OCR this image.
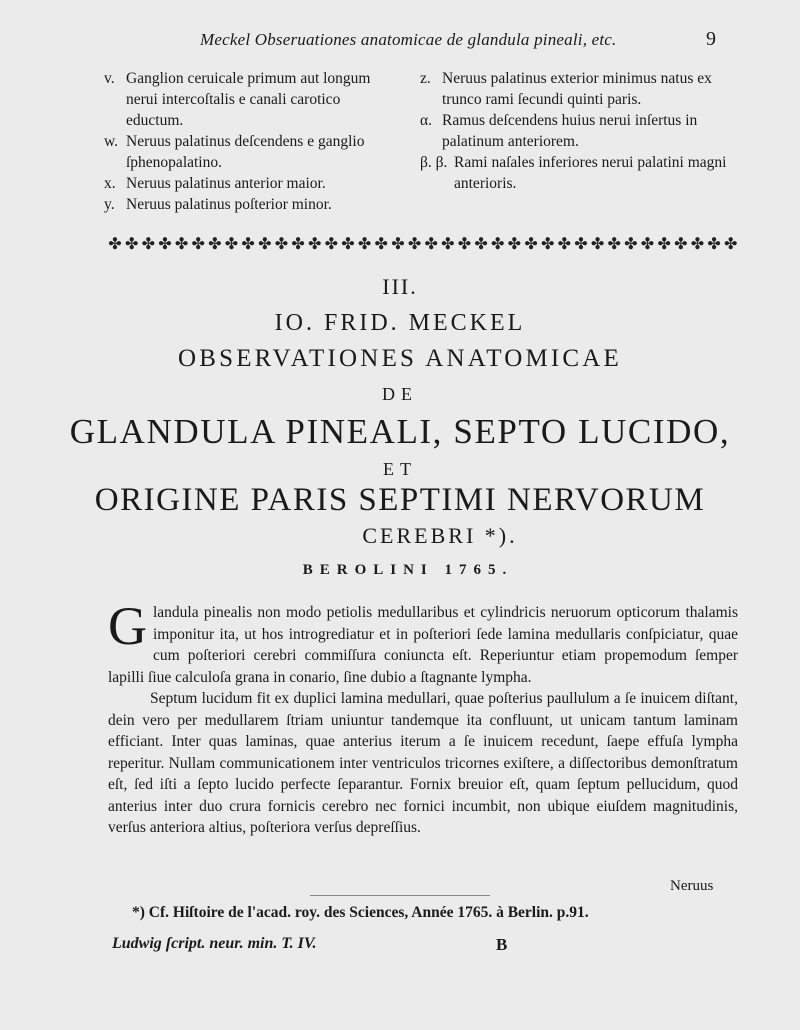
Meckel Obseruationes anatomicae de glandula pineali, etc.	9
v. Ganglion ceruicale primum aut longum nerui intercoſtalis e canali carotico eductum.
w. Neruus palatinus deſcendens e ganglio ſphenopalatino.
x. Neruus palatinus anterior maior.
y. Neruus palatinus poſterior minor.
z. Neruus palatinus exterior minimus natus ex trunco rami ſecundi quinti paris.
α. Ramus deſcendens huius nerui inſertus in palatinum anteriorem.
β. β. Rami naſales inferiores nerui palatini magni anterioris.
✤ ✤ ✤ ✤ ✤ ✤ ✤ ✤ ✤ ✤ ✤ ✤ ✤ ✤ ✤ ✤ ✤ ✤ ✤ ✤ ✤ ✤ ✤ ✤ ✤ ✤ ✤ ✤ ✤ ✤ ✤ ✤ ✤ ✤ ✤ ✤ ✤ ✤
III.
IO. FRID. MECKEL
OBSERVATIONES ANATOMICAE
DE
GLANDULA PINEALI, SEPTO LUCIDO,
ET
ORIGINE PARIS SEPTIMI NERVORUM
CEREBRI *).
BEROLINI 1765.

Glandula pinealis non modo petiolis medullaribus et cylindricis neruorum opticorum thalamis imponitur ita, ut hos introgrediatur et in poſteriori ſede lamina medullaris conſpiciatur, quae cum poſteriori cerebri commiſſura coniuncta eſt. Reperiuntur etiam propemodum ſemper lapilli ſiue calculoſa grana in conario, ſine dubio a ſtagnante lympha.

Septum lucidum fit ex duplici lamina medullari, quae poſterius paullulum a ſe inuicem diſtant, dein vero per medullarem ſtriam uniuntur tandemque ita confluunt, ut unicam tantum laminam efficiant. Inter quas laminas, quae anterius iterum a ſe inuicem recedunt, ſaepe effuſa lympha reperitur. Nullam communicationem inter ventriculos tricornes exiſtere, a diſſectoribus demonſtratum eſt, ſed iſti a ſepto lucido perfecte ſeparantur. Fornix breuior eſt, quam ſeptum pellucidum, quod anterius inter duo crura fornicis cerebro nec fornici incumbit, non ubique eiuſdem magnitudinis, verſus anteriora altius, poſteriora verſus depreſſius.

Neruus
*) Cf. Hiſtoire de l'acad. roy. des Sciences, Année 1765. à Berlin. p.91.
Ludwig ſcript. neur. min. T. IV.	B
